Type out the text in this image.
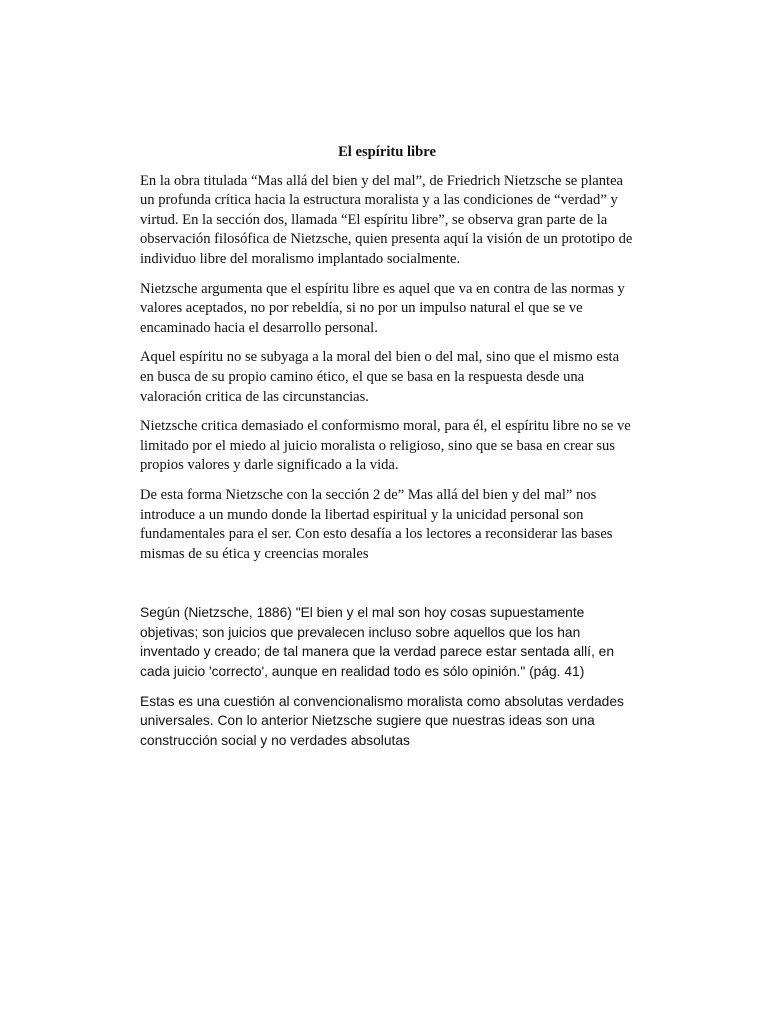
El espíritu libre

En la obra titulada “Mas allá del bien y del mal”, de Friedrich Nietzsche se plantea un profunda crítica hacia la estructura moralista y a las condiciones de “verdad” y virtud. En la sección dos, llamada “El espíritu libre”, se observa gran parte de la observación filosófica de Nietzsche, quien presenta aquí la visión de un prototipo de individuo libre del moralismo implantado socialmente.

Nietzsche argumenta que el espíritu libre es aquel que va en contra de las normas y valores aceptados, no por rebeldía, si no por un impulso natural el que se ve encaminado hacia el desarrollo personal.

Aquel espíritu no se subyaga a la moral del bien o del mal, sino que el mismo esta en busca de su propio camino ético, el que se basa en la respuesta desde una valoración critica de las circunstancias.

Nietzsche critica demasiado el conformismo moral, para él, el espíritu libre no se ve limitado por el miedo al juicio moralista o religioso, sino que se basa en crear sus propios valores y darle significado a la vida.

De esta forma Nietzsche con la sección 2 de” Mas allá del bien y del mal” nos introduce a un mundo donde la libertad espiritual y la unicidad personal son fundamentales para el ser. Con esto desafía a los lectores a reconsiderar las bases mismas de su ética y creencias morales

Según (Nietzsche, 1886) "El bien y el mal son hoy cosas supuestamente objetivas; son juicios que prevalecen incluso sobre aquellos que los han inventado y creado; de tal manera que la verdad parece estar sentada allí, en cada juicio 'correcto', aunque en realidad todo es sólo opinión." (pág. 41)

Estas es una cuestión al convencionalismo moralista como absolutas verdades universales. Con lo anterior Nietzsche sugiere que nuestras ideas son una construcción social y no verdades absolutas
